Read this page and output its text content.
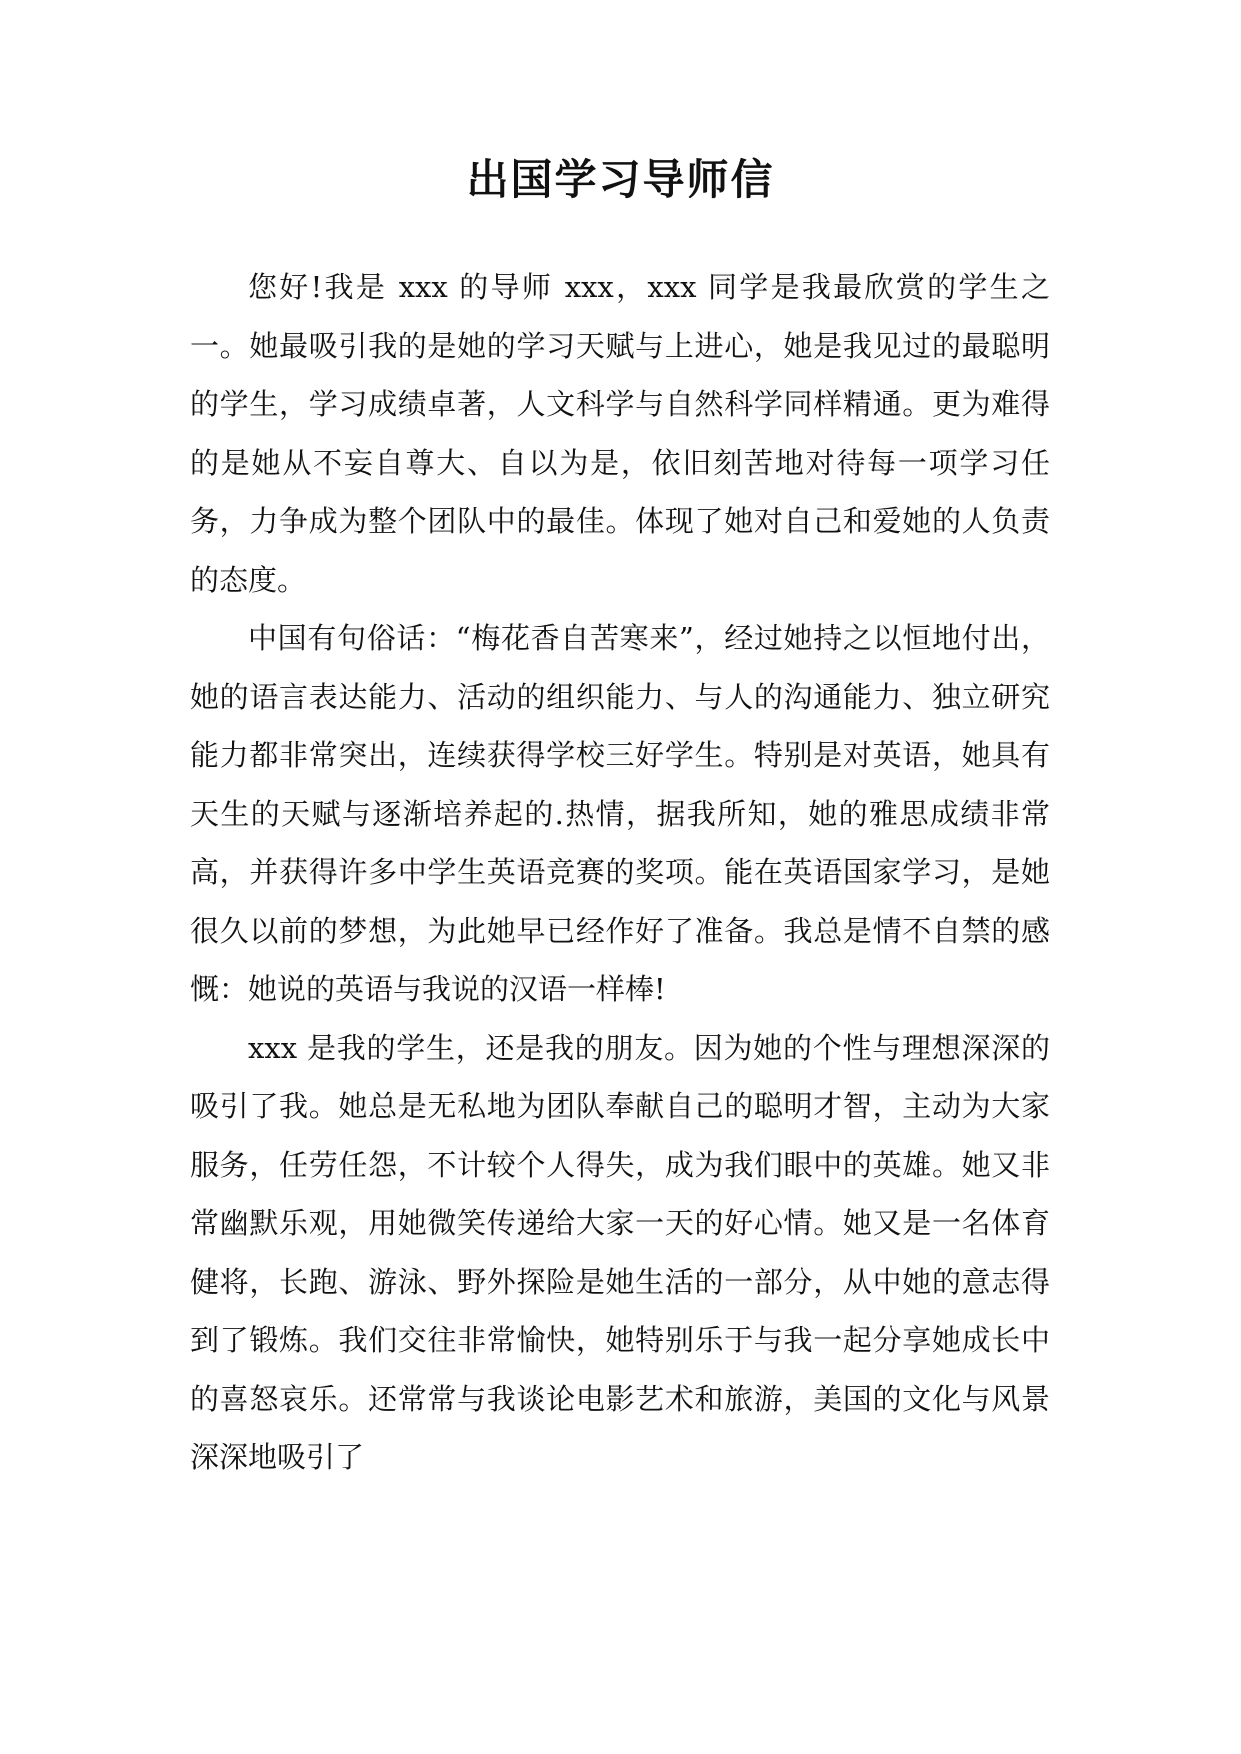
出国学习导师信

您好!我是 xxx 的导师 xxx，xxx 同学是我最欣赏的学生之一。她最吸引我的是她的学习天赋与上进心，她是我见过的最聪明的学生，学习成绩卓著，人文科学与自然科学同样精通。更为难得的是她从不妄自尊大、自以为是，依旧刻苦地对待每一项学习任务，力争成为整个团队中的最佳。体现了她对自己和爱她的人负责的态度。

中国有句俗话：“梅花香自苦寒来”，经过她持之以恒地付出，她的语言表达能力、活动的组织能力、与人的沟通能力、独立研究能力都非常突出，连续获得学校三好学生。特别是对英语，她具有天生的天赋与逐渐培养起的.热情，据我所知，她的雅思成绩非常高，并获得许多中学生英语竞赛的奖项。能在英语国家学习，是她很久以前的梦想，为此她早已经作好了准备。我总是情不自禁的感慨：她说的英语与我说的汉语一样棒!

xxx 是我的学生，还是我的朋友。因为她的个性与理想深深的吸引了我。她总是无私地为团队奉献自己的聪明才智，主动为大家服务，任劳任怨，不计较个人得失，成为我们眼中的英雄。她又非常幽默乐观，用她微笑传递给大家一天的好心情。她又是一名体育健将，长跑、游泳、野外探险是她生活的一部分，从中她的意志得到了锻炼。我们交往非常愉快，她特别乐于与我一起分享她成长中的喜怒哀乐。还常常与我谈论电影艺术和旅游，美国的文化与风景深深地吸引了
